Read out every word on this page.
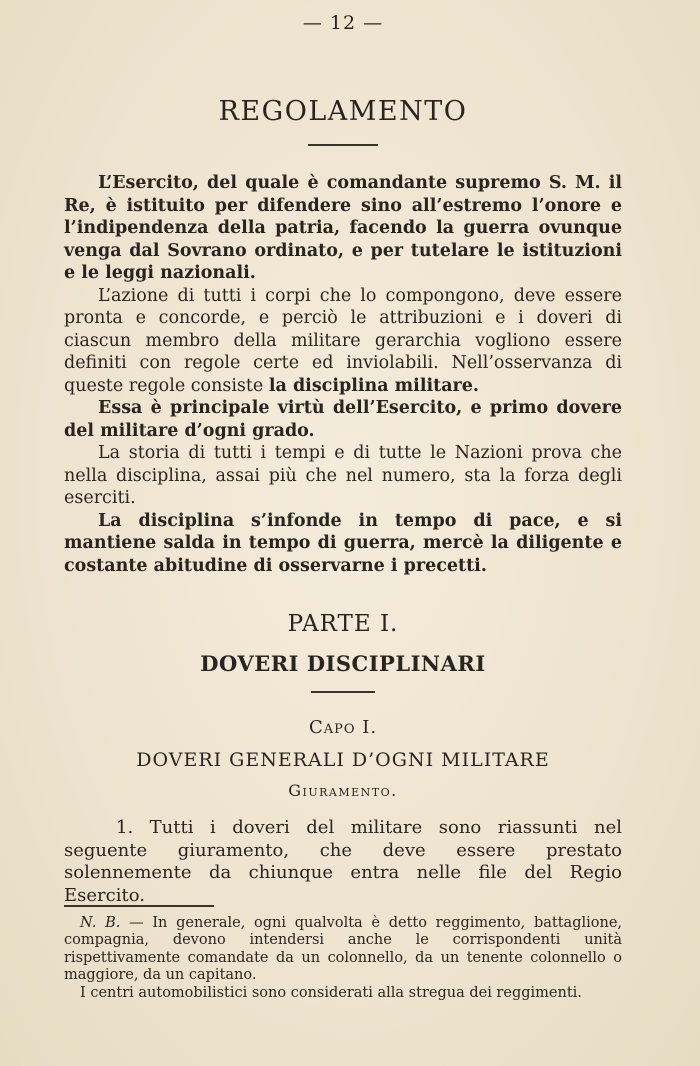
— 12 —
REGOLAMENTO

L’Esercito, del quale è comandante supremo S. M. il Re, è istituito per difendere sino all’estremo l’onore e l’indipendenza della patria, facendo la guerra ovunque venga dal Sovrano ordinato, e per tutelare le istituzioni e le leggi nazionali.

L’azione di tutti i corpi che lo compongono, deve essere pronta e concorde, e perciò le attribuzioni e i doveri di ciascun membro della militare gerarchia vogliono essere definiti con regole certe ed inviolabili. Nell’osservanza di queste regole consiste la disciplina militare.

Essa è principale virtù dell’Esercito, e primo dovere del militare d’ogni grado.

La storia di tutti i tempi e di tutte le Nazioni prova che nella disciplina, assai più che nel numero, sta la forza degli eserciti.

La disciplina s’infonde in tempo di pace, e si mantiene salda in tempo di guerra, mercè la diligente e costante abitudine di osservarne i precetti.

PARTE I.
DOVERI DISCIPLINARI
Capo I.
DOVERI GENERALI D’OGNI MILITARE
Giuramento.

1. Tutti i doveri del militare sono riassunti nel seguente giuramento, che deve essere prestato solennemente da chiunque entra nelle file del Regio Esercito.

N. B. — In generale, ogni qualvolta è detto reggimento, battaglione, compagnia, devono intendersi anche le corrispondenti unità rispettivamente comandate da un colonnello, da un tenente colonnello o maggiore, da un capitano.

I centri automobilistici sono considerati alla stregua dei reggimenti.
